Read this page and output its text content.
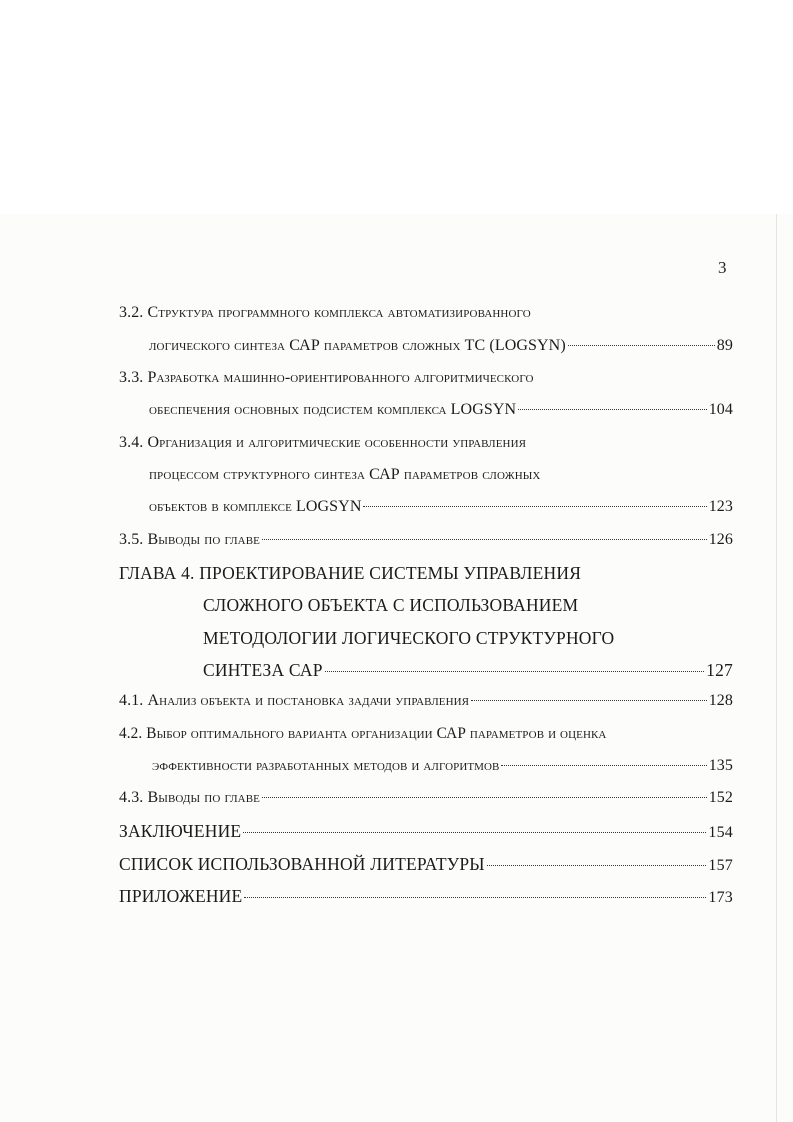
3
3.2. Структура программного комплекса автоматизированного
логического синтеза САР параметров сложных ТС (LOGSYN)	89
3.3. Разработка машинно-ориентированного алгоритмического
обеспечения основных подсистем комплекса LOGSYN	104
3.4. Организация и алгоритмические особенности управления
процессом структурного синтеза САР параметров сложных
объектов в комплексе LOGSYN	123
3.5. Выводы по главе	126
ГЛАВА 4. ПРОЕКТИРОВАНИЕ СИСТЕМЫ УПРАВЛЕНИЯ
СЛОЖНОГО ОБЪЕКТА С ИСПОЛЬЗОВАНИЕМ
МЕТОДОЛОГИИ ЛОГИЧЕСКОГО СТРУКТУРНОГО
СИНТЕЗА САР	127
4.1. Анализ объекта и постановка задачи управления	128
4.2. Выбор оптимального варианта организации САР параметров и оценка
эффективности разработанных методов и алгоритмов	135
4.3. Выводы по главе	152
ЗАКЛЮЧЕНИЕ	154
СПИСОК ИСПОЛЬЗОВАННОЙ ЛИТЕРАТУРЫ	157
ПРИЛОЖЕНИЕ	173
